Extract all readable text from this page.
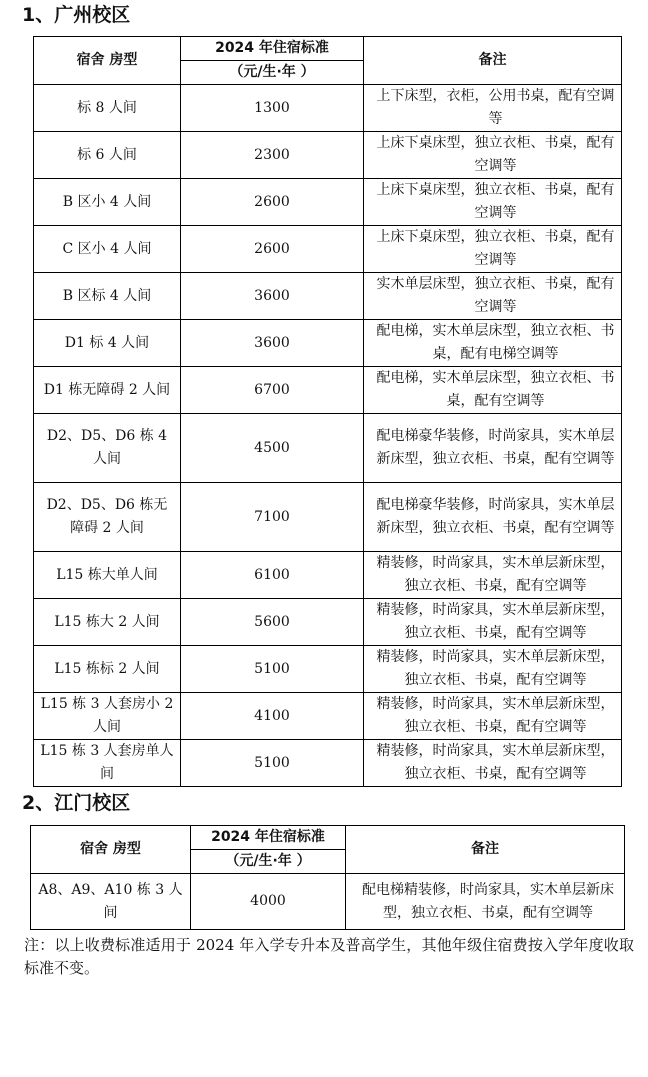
1、广州校区
宿舍 房型	2024 年住宿标准	备注
	（元/生·年 ）	
标 8 人间	1300	上下床型，衣柜，公用书桌，配有空调等
标 6 人间	2300	上床下桌床型，独立衣柜、书桌，配有空调等
B 区小 4 人间	2600	上床下桌床型，独立衣柜、书桌，配有空调等
C 区小 4 人间	2600	上床下桌床型，独立衣柜、书桌，配有空调等
B 区标 4 人间	3600	实木单层床型，独立衣柜、书桌，配有空调等
D1 标 4 人间	3600	配电梯，实木单层床型，独立衣柜、书桌，配有电梯空调等
D1 栋无障碍 2 人间	6700	配电梯，实木单层床型，独立衣柜、书桌，配有空调等
D2、D5、D6 栋 4 人间	4500	配电梯豪华装修，时尚家具，实木单层新床型，独立衣柜、书桌，配有空调等
D2、D5、D6 栋无障碍 2 人间	7100	配电梯豪华装修，时尚家具，实木单层新床型，独立衣柜、书桌，配有空调等
L15 栋大单人间	6100	精装修，时尚家具，实木单层新床型，独立衣柜、书桌，配有空调等
L15 栋大 2 人间	5600	精装修，时尚家具，实木单层新床型，独立衣柜、书桌，配有空调等
L15 栋标 2 人间	5100	精装修，时尚家具，实木单层新床型，独立衣柜、书桌，配有空调等
L15 栋 3 人套房小 2 人间	4100	精装修，时尚家具，实木单层新床型，独立衣柜、书桌，配有空调等
L15 栋 3 人套房单人间	5100	精装修，时尚家具，实木单层新床型，独立衣柜、书桌，配有空调等
2、江门校区
宿舍 房型	2024 年住宿标准	备注
	（元/生·年 ）	
A8、A9、A10 栋 3 人间	4000	配电梯精装修，时尚家具，实木单层新床型，独立衣柜、书桌，配有空调等

注：以上收费标准适用于 2024 年入学专升本及普高学生，其他年级住宿费按入学年度收取标准不变。
